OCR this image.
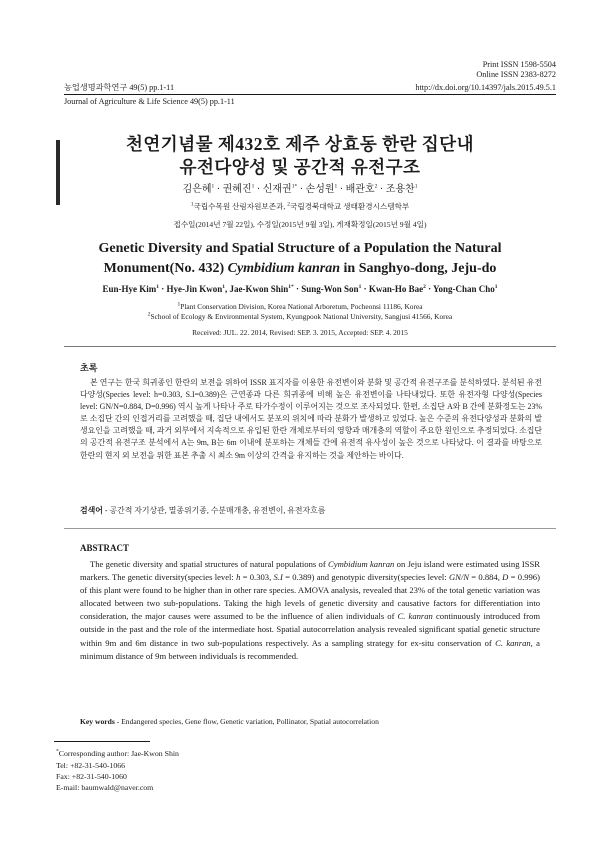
Print ISSN 1598-5504
Online ISSN 2383-8272
농업생명과학연구 49(5) pp.1-11	http://dx.doi.org/10.14397/jals.2015.49.5.1
Journal of Agriculture & Life Science 49(5) pp.1-11
천연기념물 제432호 제주 상효동 한란 집단내
유전다양성 및 공간적 유전구조
김은혜$^1$ · 권혜진$^1$ · 신재권$^{1*}$ · 손성원$^1$ · 배관호$^2$ · 조용찬$^1$
$^1$국립수목원 산림자원보존과, $^2$국립경북대학교 생태환경시스템학부
접수일(2014년 7월 22일), 수정일(2015년 9월 3일), 게재확정일(2015년 9월 4일)
Genetic Diversity and Spatial Structure of a Population the Natural
Monument(No. 432) Cymbidium kanran in Sanghyo-dong, Jeju-do
Eun-Hye Kim$^1$ · Hye-Jin Kwon$^1$, Jae-Kwon Shin$^{1*}$ · Sung-Won Son$^1$ · Kwan-Ho Bae$^2$ · Yong-Chan Cho$^1$
$^1$Plant Conservation Division, Korea National Arboretum, Pocheonsi 11186, Korea
$^2$School of Ecology & Environmental System, Kyungpook National University, Sangjusi 41566, Korea
Received: JUL. 22. 2014, Revised: SEP. 3. 2015, Accepted: SEP. 4. 2015
초록
본 연구는 한국 희귀종인 한란의 보전을 위하여 ISSR 표지자를 이용한 유전변이와 분화 및 공간적 유전구조를 분석하였다. 분석된 유전다양성(Species level: h=0.303, S.I=0.389)은 근연종과 다른 희귀종에 비해 높은 유전변이를 나타내었다. 또한 유전자형 다양성(Species level: GN/N=0.884, D=0.996) 역시 높게 나타나 주로 타가수정이 이루어지는 것으로 조사되었다. 한편, 소집단 A와 B 간에 분화정도는 23%로 소집단 간의 인접거리를 고려했을 때, 집단 내에서도 분포의 위치에 따라 분화가 발생하고 있었다. 높은 수준의 유전다양성과 분화의 발생요인을 고려했을 때, 과거 외부에서 지속적으로 유입된 한란 개체로부터의 영향과 매개충의 역할이 주요한 원인으로 추정되었다. 소집단의 공간적 유전구조 분석에서 A는 9m, B는 6m 이내에 분포하는 개체들 간에 유전적 유사성이 높은 것으로 나타났다. 이 결과를 바탕으로 한란의 현지 외 보전을 위한 표본 추출 시 최소 9m 이상의 간격을 유지하는 것을 제안하는 바이다.
검색어 - 공간적 자기상관, 멸종위기종, 수분매개충, 유전변이, 유전자흐름
ABSTRACT
The genetic diversity and spatial structures of natural populations of Cymbidium kanran on Jeju island were estimated using ISSR markers. The genetic diversity(species level: h = 0.303, S.I = 0.389) and genotypic diversity(species level: GN/N = 0.884, D = 0.996) of this plant were found to be higher than in other rare species. AMOVA analysis, revealed that 23% of the total genetic variation was allocated between two sub-populations. Taking the high levels of genetic diversity and causative factors for differentiation into consideration, the major causes were assumed to be the influence of alien individuals of C. kanran continuously introduced from outside in the past and the role of the intermediate host. Spatial autocorrelation analysis revealed significant spatial genetic structure within 9m and 6m distance in two sub-populations respectively. As a sampling strategy for ex-situ conservation of C. kanran, a minimum distance of 9m between individuals is recommended.
Key words - Endangered species, Gene flow, Genetic variation, Pollinator, Spatial autocorrelation
*Corresponding author: Jae-Kwon Shin
Tel: +82-31-540-1066
Fax: +82-31-540-1060
E-mail: baumwald@naver.com
